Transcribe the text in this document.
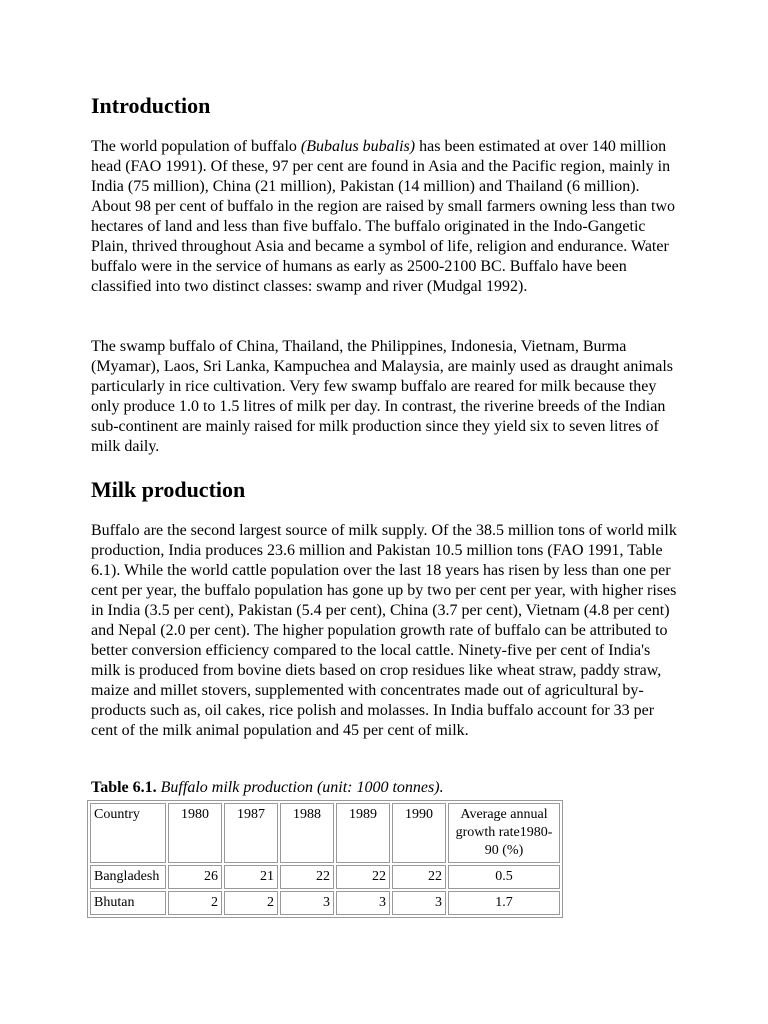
Introduction

The world population of buffalo (Bubalus bubalis) has been estimated at over 140 million head (FAO 1991). Of these, 97 per cent are found in Asia and the Pacific region, mainly in India (75 million), China (21 million), Pakistan (14 million) and Thailand (6 million). About 98 per cent of buffalo in the region are raised by small farmers owning less than two hectares of land and less than five buffalo. The buffalo originated in the Indo-Gangetic Plain, thrived throughout Asia and became a symbol of life, religion and endurance. Water buffalo were in the service of humans as early as 2500-2100 BC. Buffalo have been classified into two distinct classes: swamp and river (Mudgal 1992).

The swamp buffalo of China, Thailand, the Philippines, Indonesia, Vietnam, Burma (Myamar), Laos, Sri Lanka, Kampuchea and Malaysia, are mainly used as draught animals particularly in rice cultivation. Very few swamp buffalo are reared for milk because they only produce 1.0 to 1.5 litres of milk per day. In contrast, the riverine breeds of the Indian sub-continent are mainly raised for milk production since they yield six to seven litres of milk daily.

Milk production

Buffalo are the second largest source of milk supply. Of the 38.5 million tons of world milk production, India produces 23.6 million and Pakistan 10.5 million tons (FAO 1991, Table 6.1). While the world cattle population over the last 18 years has risen by less than one per cent per year, the buffalo population has gone up by two per cent per year, with higher rises in India (3.5 per cent), Pakistan (5.4 per cent), China (3.7 per cent), Vietnam (4.8 per cent) and Nepal (2.0 per cent). The higher population growth rate of buffalo can be attributed to better conversion efficiency compared to the local cattle. Ninety-five per cent of India's milk is produced from bovine diets based on crop residues like wheat straw, paddy straw, maize and millet stovers, supplemented with concentrates made out of agricultural by-products such as, oil cakes, rice polish and molasses. In India buffalo account for 33 per cent of the milk animal population and 45 per cent of milk.

Table 6.1. Buffalo milk production (unit: 1000 tonnes).
Country	1980	1987	1988	1989	1990	Average annual growth rate1980-90 (%)
Bangladesh	26	21	22	22	22	0.5
Bhutan	2	2	3	3	3	1.7
